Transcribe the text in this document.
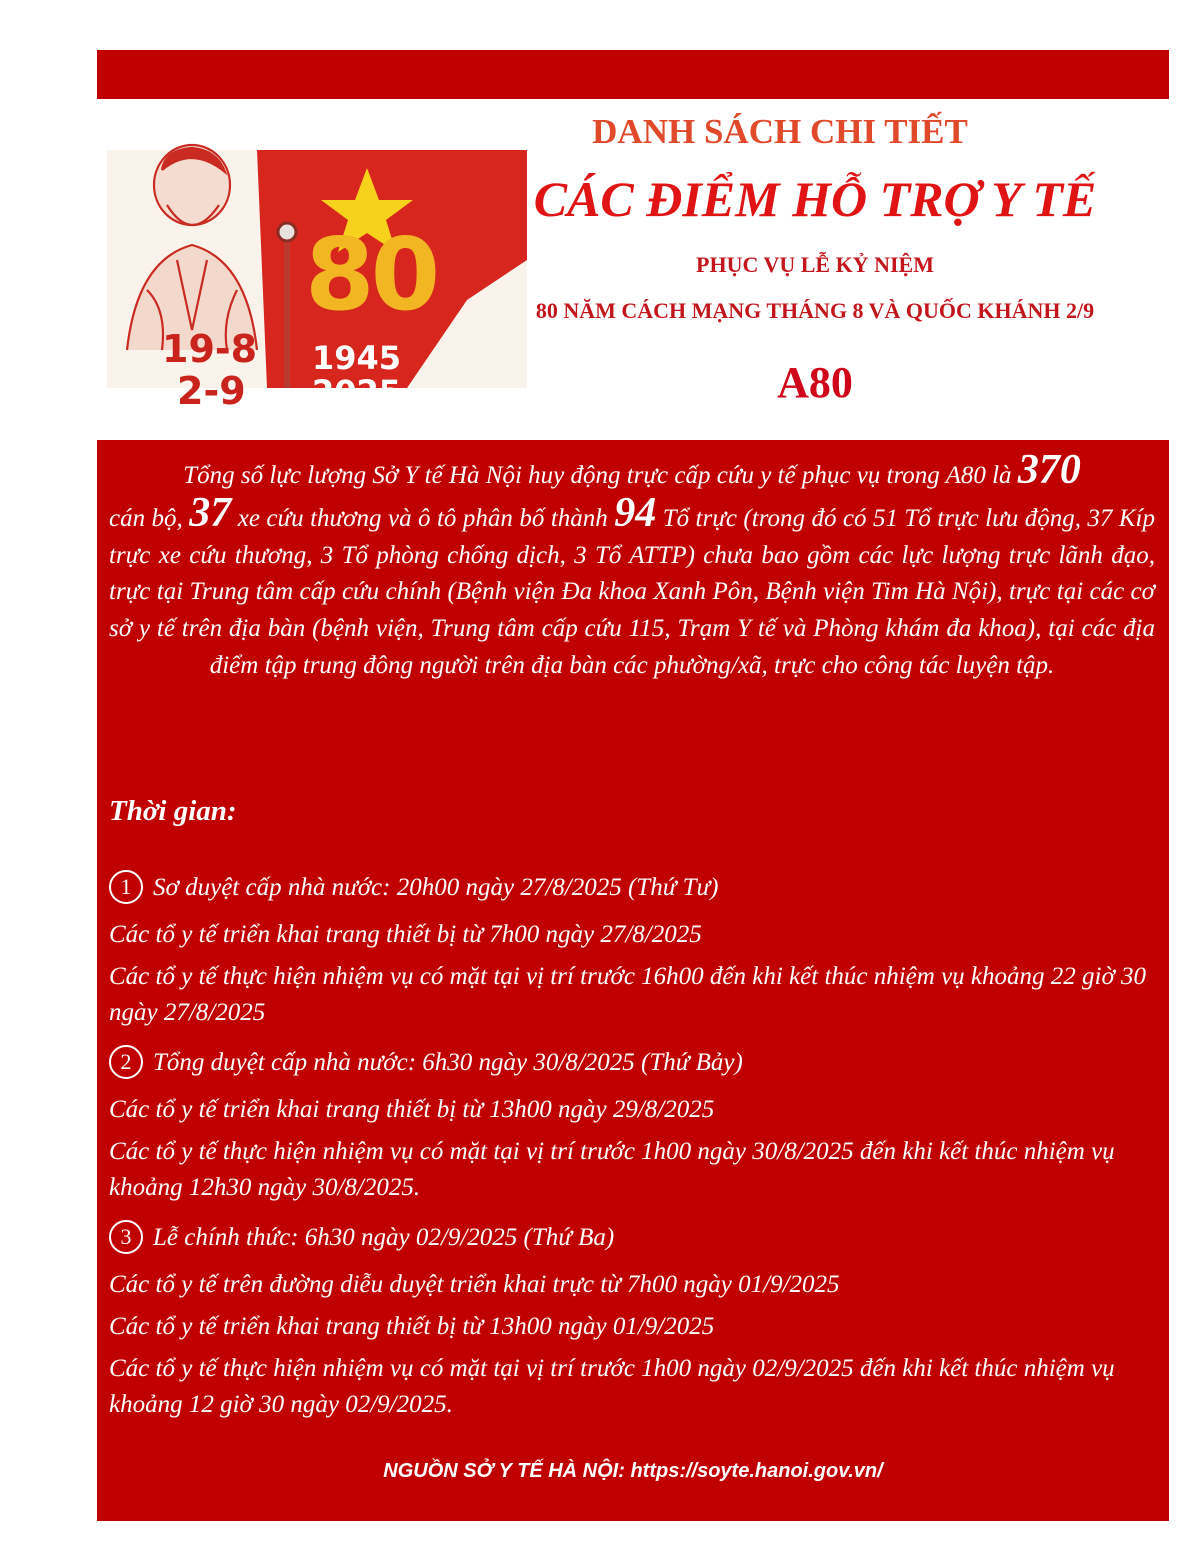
80
19-8
2-9
1945
2025
DANH SÁCH CHI TIẾT
CÁC ĐIỂM HỖ TRỢ Y TẾ
PHỤC VỤ LỄ KỶ NIỆM
80 NĂM CÁCH MẠNG THÁNG 8 VÀ QUỐC KHÁNH 2/9
A80

Tổng số lực lượng Sở Y tế Hà Nội huy động trực cấp cứu y tế phục vụ trong A80 là 370

cán bộ, 37 xe cứu thương và ô tô phân bố thành 94 Tổ trực (trong đó có 51 Tổ trực lưu động, 37 Kíp trực xe cứu thương, 3 Tổ phòng chống dịch, 3 Tổ ATTP) chưa bao gồm các lực lượng trực lãnh đạo, trực tại Trung tâm cấp cứu chính (Bệnh viện Đa khoa Xanh Pôn, Bệnh viện Tim Hà Nội), trực tại các cơ sở y tế trên địa bàn (bệnh viện, Trung tâm cấp cứu 115, Trạm Y tế và Phòng khám đa khoa), tại các địa điểm tập trung đông người trên địa bàn các phường/xã, trực cho công tác luyện tập.

Thời gian:
1 Sơ duyệt cấp nhà nước: 20h00 ngày 27/8/2025 (Thứ Tư)
Các tổ y tế triển khai trang thiết bị từ 7h00 ngày 27/8/2025
Các tổ y tế thực hiện nhiệm vụ có mặt tại vị trí trước 16h00 đến khi kết thúc nhiệm vụ khoảng 22 giờ 30 ngày 27/8/2025
2 Tổng duyệt cấp nhà nước: 6h30 ngày 30/8/2025 (Thứ Bảy)
Các tổ y tế triển khai trang thiết bị từ 13h00 ngày 29/8/2025
Các tổ y tế thực hiện nhiệm vụ có mặt tại vị trí trước 1h00 ngày 30/8/2025 đến khi kết thúc nhiệm vụ khoảng 12h30 ngày 30/8/2025.
3 Lễ chính thức: 6h30 ngày 02/9/2025 (Thứ Ba)
Các tổ y tế trên đường diễu duyệt triển khai trực từ 7h00 ngày 01/9/2025
Các tổ y tế triển khai trang thiết bị từ 13h00 ngày 01/9/2025
Các tổ y tế thực hiện nhiệm vụ có mặt tại vị trí trước 1h00 ngày 02/9/2025 đến khi kết thúc nhiệm vụ khoảng 12 giờ 30 ngày 02/9/2025.
NGUỒN SỞ Y TẾ HÀ NỘI: https://soyte.hanoi.gov.vn/
